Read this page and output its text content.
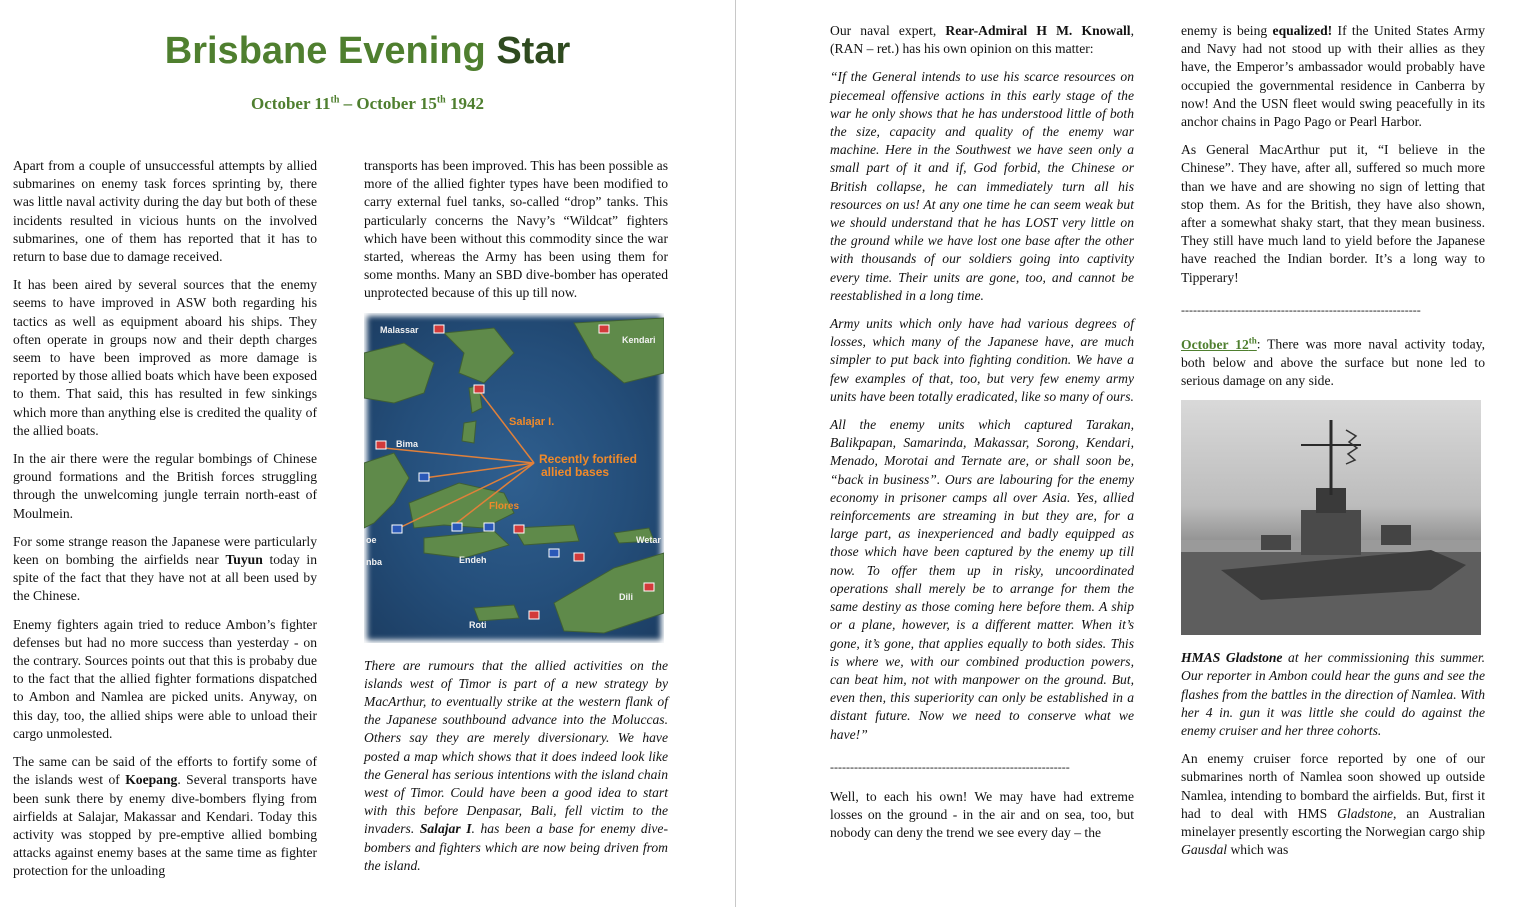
Brisbane Evening Star
October 11th – October 15th 1942

Apart from a couple of unsuccessful attempts by allied submarines on enemy task forces sprinting by, there was little naval activity during the day but both of these incidents resulted in vicious hunts on the involved submarines, one of them has reported that it has to return to base due to damage received.

It has been aired by several sources that the enemy seems to have improved in ASW both regarding his tactics as well as equipment aboard his ships. They often operate in groups now and their depth charges seem to have been improved as more damage is reported by those allied boats which have been exposed to them. That said, this has resulted in few sinkings which more than anything else is credited the quality of the allied boats.

In the air there were the regular bombings of Chinese ground formations and the British forces struggling through the unwelcoming jungle terrain north-east of Moulmein.

For some strange reason the Japanese were particularly keen on bombing the airfields near Tuyun today in spite of the fact that they have not at all been used by the Chinese.

Enemy fighters again tried to reduce Ambon’s fighter defenses but had no more success than yesterday - on the contrary. Sources points out that this is probaby due to the fact that the allied fighter formations dispatched to Ambon and Namlea are picked units. Anyway, on this day, too, the allied ships were able to unload their cargo unmolested.

The same can be said of the efforts to fortify some of the islands west of Koepang. Several transports have been sunk there by enemy dive-bombers flying from airfields at Salajar, Makassar and Kendari. Today this activity was stopped by pre-emptive allied bombing attacks against enemy bases at the same time as fighter protection for the unloading

transports has been improved. This has been possible as more of the allied fighter types have been modified to carry external fuel tanks, so-called “drop” tanks. This particularly concerns the Navy’s “Wildcat” fighters which have been without this commodity since the war started, whereas the Army has been using them for some months. Many an SBD dive-bomber has operated unprotected because of this up till now.

Malassar
Kendari
Salajar I.
Bima
Flores
Endeh
oe
nba
Wetar
Dili
Roti
Recently fortified
allied bases

There are rumours that the allied activities on the islands west of Timor is part of a new strategy by MacArthur, to eventually strike at the western flank of the Japanese southbound advance into the Moluccas. Others say they are merely diversionary. We have posted a map which shows that it does indeed look like the General has serious intentions with the island chain west of Timor. Could have been a good idea to start with this before Denpasar, Bali, fell victim to the invaders. Salajar I. has been a base for enemy dive-bombers and fighters which are now being driven from the island.

Our naval expert, Rear-Admiral H M. Knowall, (RAN – ret.) has his own opinion on this matter:

“If the General intends to use his scarce resources on piecemeal offensive actions in this early stage of the war he only shows that he has understood little of both the size, capacity and quality of the enemy war machine. Here in the Southwest we have seen only a small part of it and if, God forbid, the Chinese or British collapse, he can immediately turn all his resources on us! At any one time he can seem weak but we should understand that he has LOST very little on the ground while we have lost one base after the other with thousands of our soldiers going into captivity every time. Their units are gone, too, and cannot be reestablished in a long time.

Army units which only have had various degrees of losses, which many of the Japanese have, are much simpler to put back into fighting condition. We have a few examples of that, too, but very few enemy army units have been totally eradicated, like so many of ours.

All the enemy units which captured Tarakan, Balikpapan, Samarinda, Makassar, Sorong, Kendari, Menado, Morotai and Ternate are, or shall soon be, “back in business”. Ours are labouring for the enemy economy in prisoner camps all over Asia. Yes, allied reinforcements are streaming in but they are, for a large part, as inexperienced and badly equipped as those which have been captured by the enemy up till now. To offer them up in risky, uncoordinated operations shall merely be to arrange for them the same destiny as those coming here before them. A ship or a plane, however, is a different matter. When it’s gone, it’s gone, that applies equally to both sides. This is where we, with our combined production powers, can beat him, not with manpower on the ground. But, even then, this superiority can only be established in a distant future. Now we need to conserve what we have!”

------------------------------------------------------------

Well, to each his own! We may have had extreme losses on the ground - in the air and on sea, too, but nobody can deny the trend we see every day – the

enemy is being equalized! If the United States Army and Navy had not stood up with their allies as they have, the Emperor’s ambassador would probably have occupied the governmental residence in Canberra by now! And the USN fleet would swing peacefully in its anchor chains in Pago Pago or Pearl Harbor.

As General MacArthur put it, “I believe in the Chinese”. They have, after all, suffered so much more than we have and are showing no sign of letting that stop them. As for the British, they have also shown, after a somewhat shaky start, that they mean business. They still have much land to yield before the Japanese have reached the Indian border. It’s a long way to Tipperary!

------------------------------------------------------------

October 12th: There was more naval activity today, both below and above the surface but none led to serious damage on any side.

HMAS Gladstone at her commissioning this summer. Our reporter in Ambon could hear the guns and see the flashes from the battles in the direction of Namlea. With her 4 in. gun it was little she could do against the enemy cruiser and her three cohorts.

An enemy cruiser force reported by one of our submarines north of Namlea soon showed up outside Namlea, intending to bombard the airfields. But, first it had to deal with HMS Gladstone, an Australian minelayer presently escorting the Norwegian cargo ship Gausdal which was
